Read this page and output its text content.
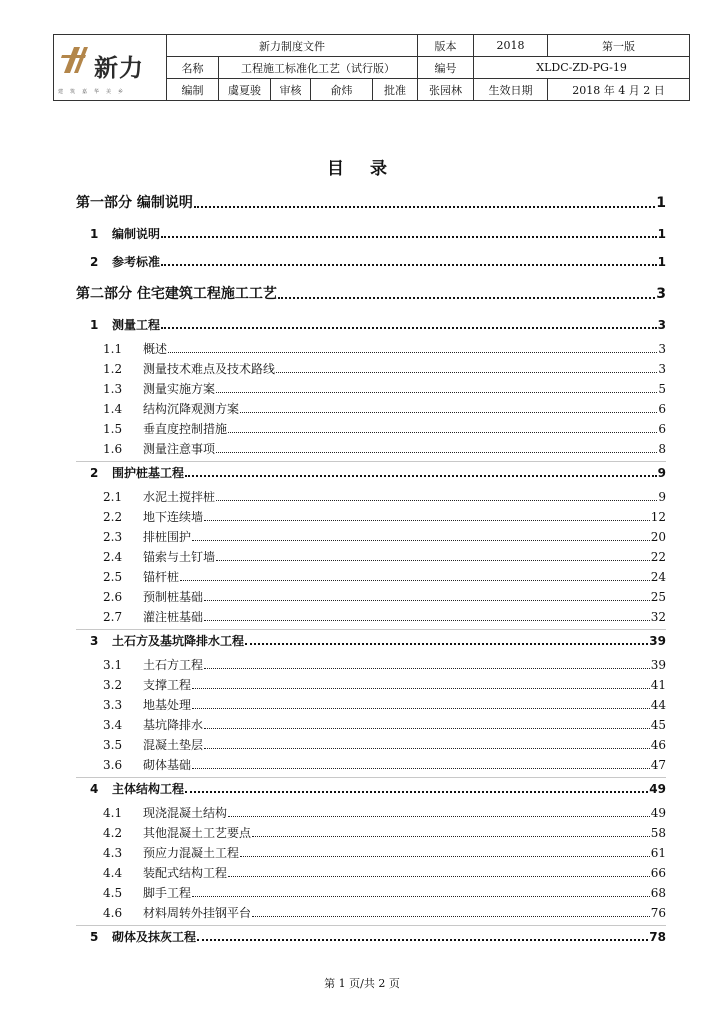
新力
建筑嘉华美乡	新力制度文件					版本	2018	第一版
	名称	工程施工标准化工艺（试行版）				编号	XLDC-ZD-PG-19	
	编制	虞夏骏	审核	俞炜	批准	张园林	生效日期	2018 年 4 月 2 日
目 录
第一部分 编制说明	1
1	编制说明	1
2	参考标准	1
第二部分 住宅建筑工程施工工艺	3
1	测量工程	3
1.1	概述	3
1.2	测量技术难点及技术路线	3
1.3	测量实施方案	5
1.4	结构沉降观测方案	6
1.5	垂直度控制措施	6
1.6	测量注意事项	8
2	围护桩基工程	9
2.1	水泥土搅拌桩	9
2.2	地下连续墙	12
2.3	排桩围护	20
2.4	锚索与土钉墙	22
2.5	锚杆桩	24
2.6	预制桩基础	25
2.7	灌注桩基础	32
3	土石方及基坑降排水工程	39
3.1	土石方工程	39
3.2	支撑工程	41
3.3	地基处理	44
3.4	基坑降排水	45
3.5	混凝土垫层	46
3.6	砌体基础	47
4	主体结构工程	49
4.1	现浇混凝土结构	49
4.2	其他混凝土工艺要点	58
4.3	预应力混凝土工程	61
4.4	装配式结构工程	66
4.5	脚手工程	68
4.6	材料周转外挂钢平台	76
5	砌体及抹灰工程	78
第 1 页/共 2 页
